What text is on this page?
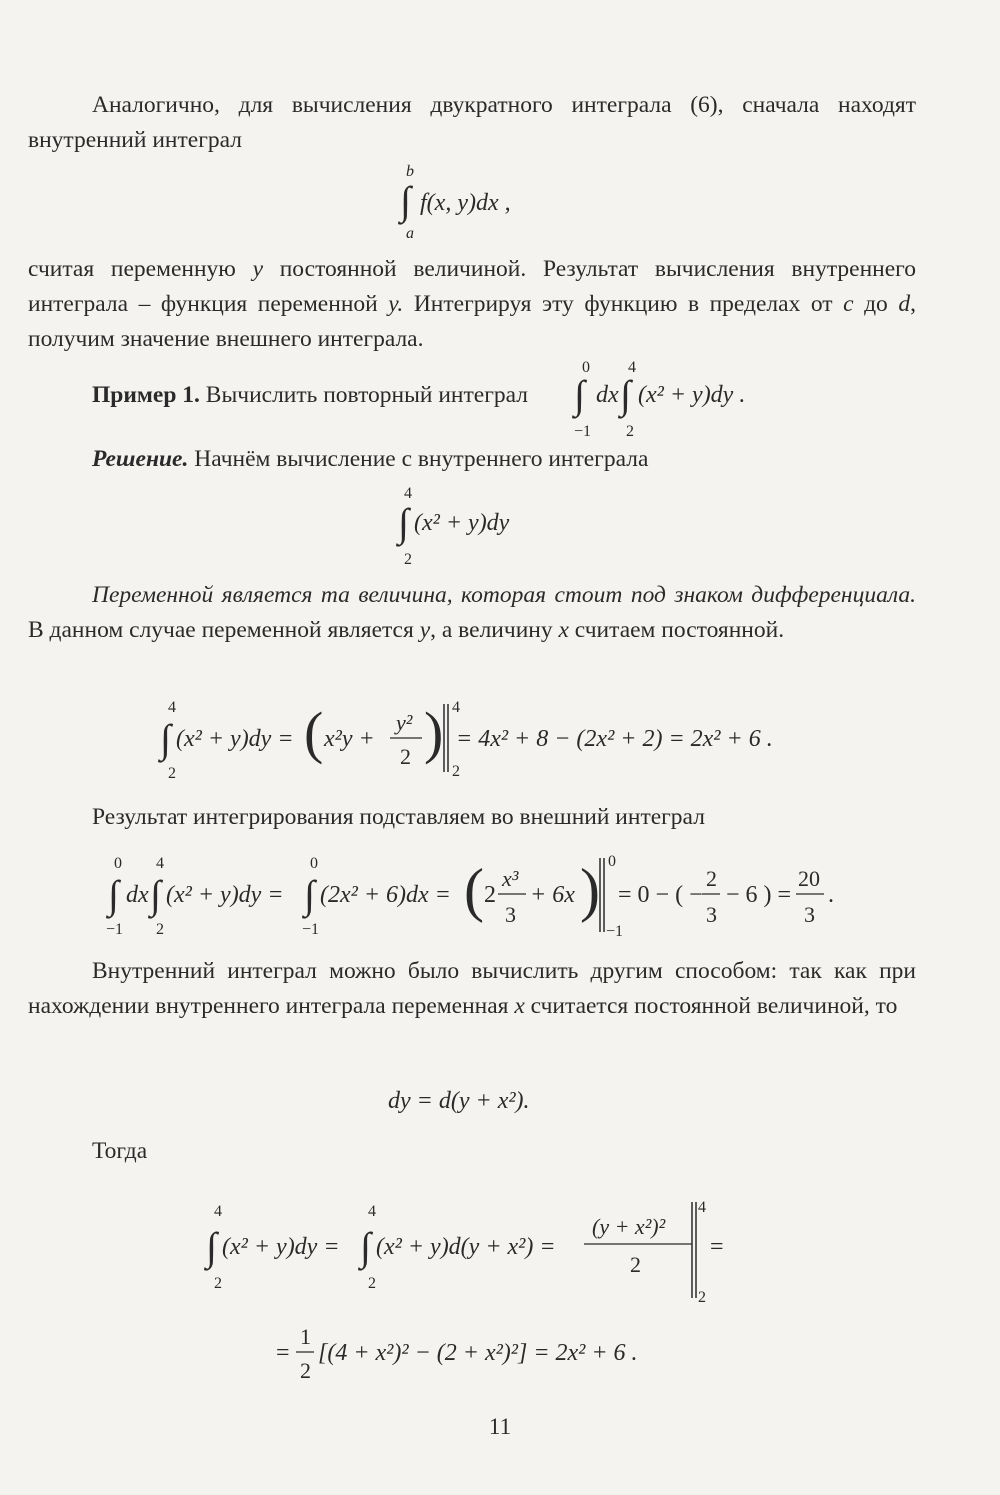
Аналогично, для вычисления двукратного интеграла (6), сначала находят внутренний интеграл

b
∫
a
f(x, y)dx ,

считая переменную y постоянной величиной. Результат вычисления внутреннего интеграла – функция переменной y. Интегрируя эту функцию в пределах от c до d, получим значение внешнего интеграла.

Пример 1. Вычислить повторный интеграл

0
∫
−1
dx
4
∫
2
(x² + y)dy .

Решение. Начнём вычисление с внутреннего интеграла

4
∫
2
(x² + y)dy

Переменной является та величина, которая стоит под знаком дифференциала. В данном случае переменной является y, а величину x считаем постоянной.

4
∫
2
(x² + y)dy = ( x²y +
y²
2 ) 4
2
= 4x² + 8 − (2x² + 2) = 2x² + 6 .

Результат интегрирования подставляем во внешний интеграл

0
∫
−1
dx
4
∫
2
(x² + y)dy =
0
∫
−1
(2x² + 6)dx = ( 2
x³
3
+ 6x ) 0
−1
= 0 − ( −
2
3
− 6 ) =
20
3
.

Внутренний интеграл можно было вычислить другим способом: так как при нахождении внутреннего интеграла переменная x считается постоянной величиной, то

dy = d(y + x²).

Тогда

4
∫
2
(x² + y)dy =
4
∫
2
(x² + y)d(y + x²) =
(y + x²)²
2
4
2
=
=
1
2
[(4 + x²)² − (2 + x²)²] = 2x² + 6 .
11
